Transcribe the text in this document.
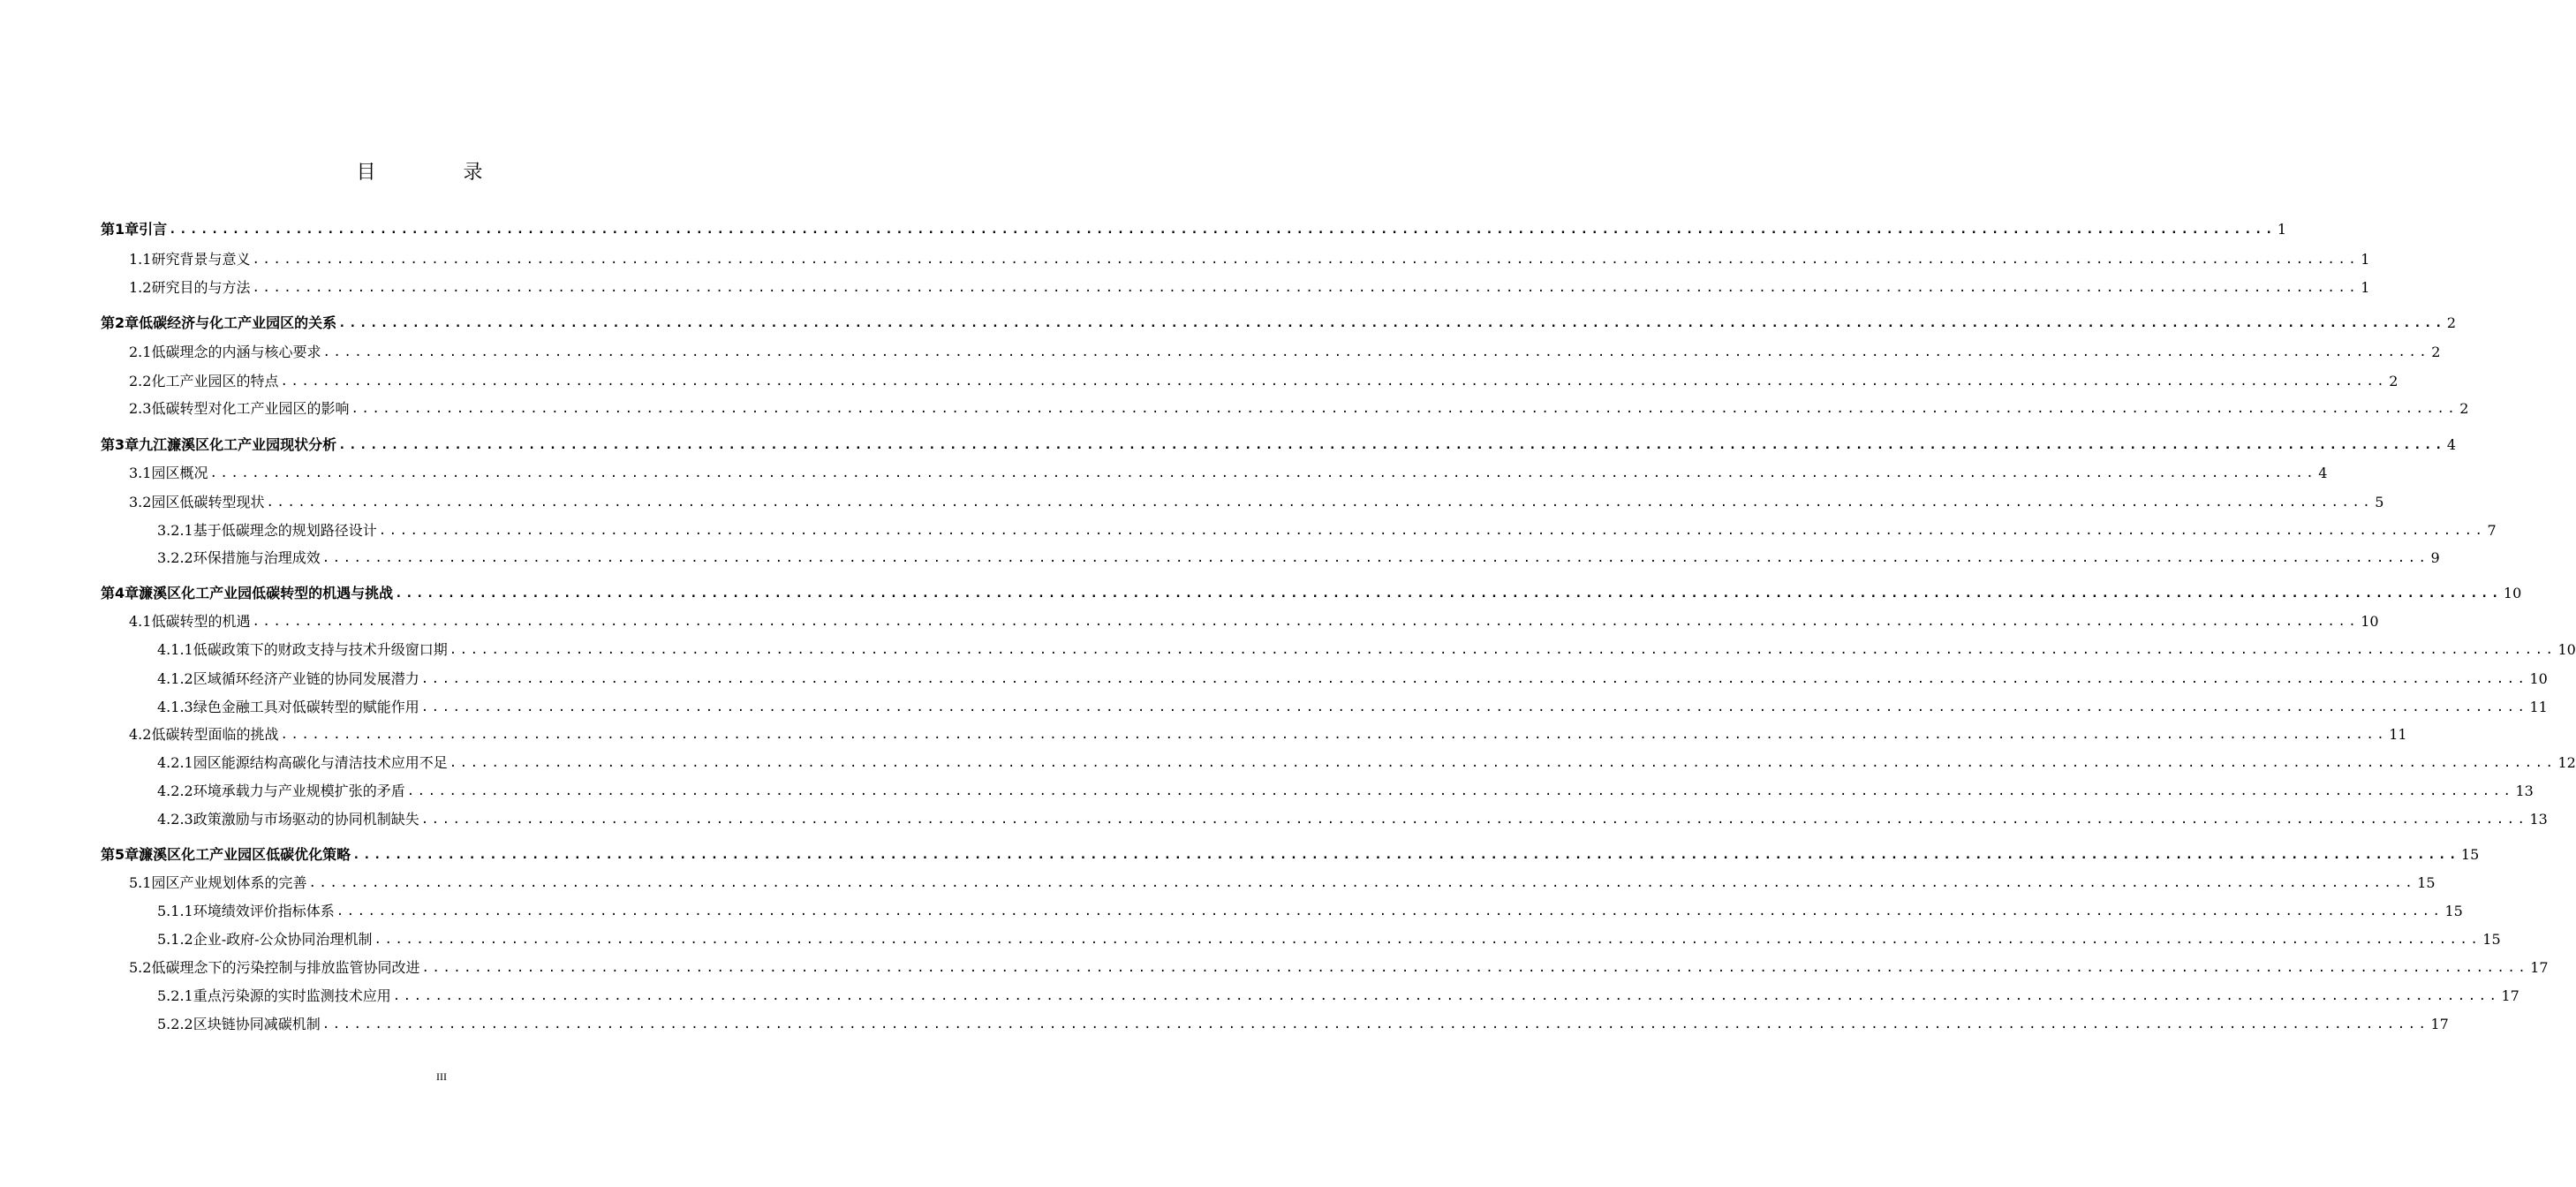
目 录
第1章 引言 ........................................................................................................................................................................................................ 1
1.1 研究背景与意义 ........................................................................................................................................................................................................ 1
1.2 研究目的与方法 ........................................................................................................................................................................................................ 1
第2章 低碳经济与化工产业园区的关系 ........................................................................................................................................................................................................ 2
2.1 低碳理念的内涵与核心要求 ........................................................................................................................................................................................................ 2
2.2 化工产业园区的特点 ........................................................................................................................................................................................................ 2
2.3 低碳转型对化工产业园区的影响 ........................................................................................................................................................................................................ 2
第3章 九江濂溪区化工产业园现状分析 ........................................................................................................................................................................................................ 4
3.1 园区概况 ........................................................................................................................................................................................................ 4
3.2 园区低碳转型现状 ........................................................................................................................................................................................................ 5
3.2.1 基于低碳理念的规划路径设计 ........................................................................................................................................................................................................ 7
3.2.2 环保措施与治理成效 ........................................................................................................................................................................................................ 9
第4章 濂溪区化工产业园低碳转型的机遇与挑战 ........................................................................................................................................................................................................ 10
4.1 低碳转型的机遇 ........................................................................................................................................................................................................ 10
4.1.1 低碳政策下的财政支持与技术升级窗口期 ........................................................................................................................................................................................................ 10
4.1.2 区域循环经济产业链的协同发展潜力 ........................................................................................................................................................................................................ 10
4.1.3 绿色金融工具对低碳转型的赋能作用 ........................................................................................................................................................................................................ 11
4.2 低碳转型面临的挑战 ........................................................................................................................................................................................................ 11
4.2.1 园区能源结构高碳化与清洁技术应用不足 ........................................................................................................................................................................................................ 12
4.2.2 环境承载力与产业规模扩张的矛盾 ........................................................................................................................................................................................................ 13
4.2.3 政策激励与市场驱动的协同机制缺失 ........................................................................................................................................................................................................ 13
第5章 濂溪区化工产业园区低碳优化策略 ........................................................................................................................................................................................................ 15
5.1 园区产业规划体系的完善 ........................................................................................................................................................................................................ 15
5.1.1 环境绩效评价指标体系 ........................................................................................................................................................................................................ 15
5.1.2 企业-政府-公众协同治理机制 ........................................................................................................................................................................................................ 15
5.2 低碳理念下的污染控制与排放监管协同改进 ........................................................................................................................................................................................................ 17
5.2.1 重点污染源的实时监测技术应用 ........................................................................................................................................................................................................ 17
5.2.2 区块链协同减碳机制 ........................................................................................................................................................................................................ 17
III
